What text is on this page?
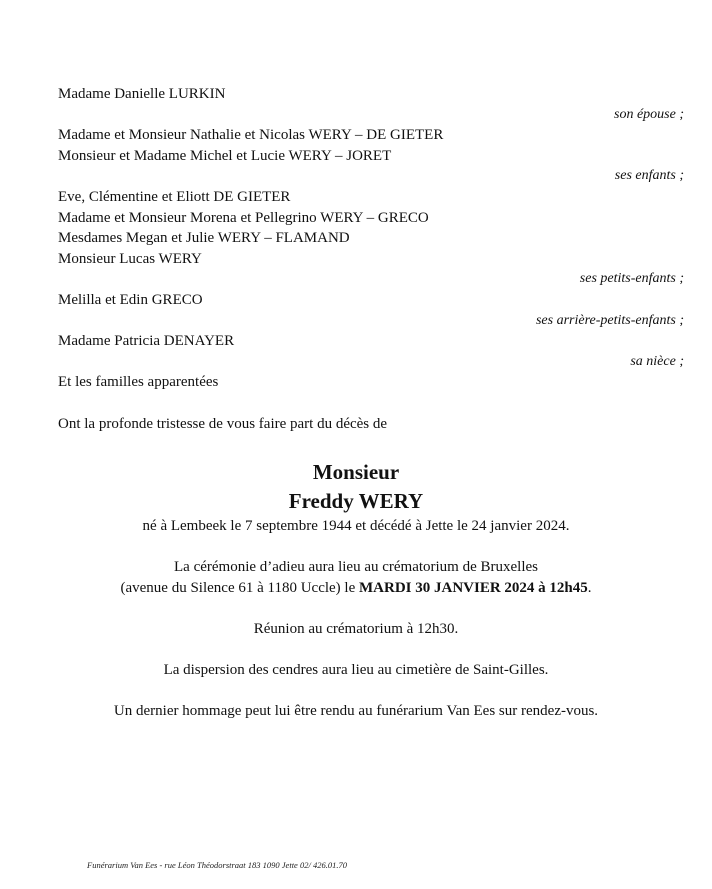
Madame Danielle LURKIN
son épouse ;
Madame et Monsieur Nathalie et Nicolas WERY – DE GIETER
Monsieur et Madame Michel et Lucie WERY – JORET
ses enfants ;
Eve, Clémentine et Eliott DE GIETER
Madame et Monsieur Morena et Pellegrino WERY – GRECO
Mesdames Megan et Julie WERY – FLAMAND
Monsieur Lucas WERY
ses petits-enfants ;
Melilla et Edin GRECO
ses arrière-petits-enfants ;
Madame Patricia DENAYER
sa nièce ;
Et les familles apparentées
Ont la profonde tristesse de vous faire part du décès de
Monsieur
Freddy WERY
né à Lembeek le 7 septembre 1944 et décédé à Jette le 24 janvier 2024.
La cérémonie d’adieu aura lieu au crématorium de Bruxelles
(avenue du Silence 61 à 1180 Uccle) le MARDI 30 JANVIER 2024 à 12h45.
Réunion au crématorium à 12h30.
La dispersion des cendres aura lieu au cimetière de Saint-Gilles.
Un dernier hommage peut lui être rendu au funérarium Van Ees sur rendez-vous.
Funérarium Van Ees - rue Léon Théodorstraat 183 1090 Jette 02/ 426.01.70
